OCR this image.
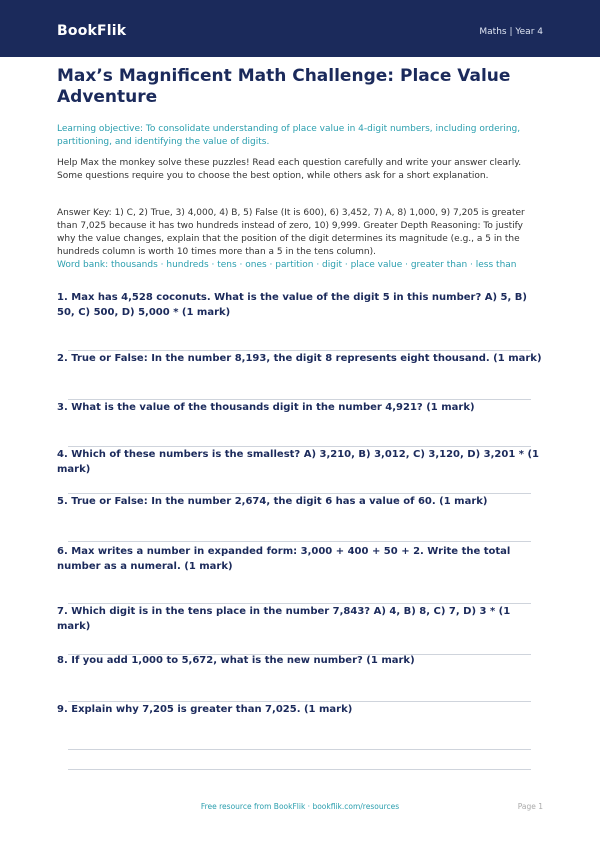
BookFlik	Maths | Year 4
Max’s Magnificent Math Challenge: Place Value Adventure
Learning objective: To consolidate understanding of place value in 4-digit numbers, including ordering, partitioning, and identifying the value of digits.
Help Max the monkey solve these puzzles! Read each question carefully and write your answer clearly. Some questions require you to choose the best option, while others ask for a short explanation.
Answer Key: 1) C, 2) True, 3) 4,000, 4) B, 5) False (It is 600), 6) 3,452, 7) A, 8) 1,000, 9) 7,205 is greater than 7,025 because it has two hundreds instead of zero, 10) 9,999. Greater Depth Reasoning: To justify why the value changes, explain that the position of the digit determines its magnitude (e.g., a 5 in the hundreds column is worth 10 times more than a 5 in the tens column).
Word bank: thousands · hundreds · tens · ones · partition · digit · place value · greater than · less than
1. Max has 4,528 coconuts. What is the value of the digit 5 in this number? A) 5, B) 50, C) 500, D) 5,000 * (1 mark)
2. True or False: In the number 8,193, the digit 8 represents eight thousand. (1 mark)
3. What is the value of the thousands digit in the number 4,921? (1 mark)
4. Which of these numbers is the smallest? A) 3,210, B) 3,012, C) 3,120, D) 3,201 * (1 mark)
5. True or False: In the number 2,674, the digit 6 has a value of 60. (1 mark)
6. Max writes a number in expanded form: 3,000 + 400 + 50 + 2. Write the total number as a numeral. (1 mark)
7. Which digit is in the tens place in the number 7,843? A) 4, B) 8, C) 7, D) 3 * (1 mark)
8. If you add 1,000 to 5,672, what is the new number? (1 mark)
9. Explain why 7,205 is greater than 7,025. (1 mark)
Free resource from BookFlik · bookflik.com/resources	Page 1
